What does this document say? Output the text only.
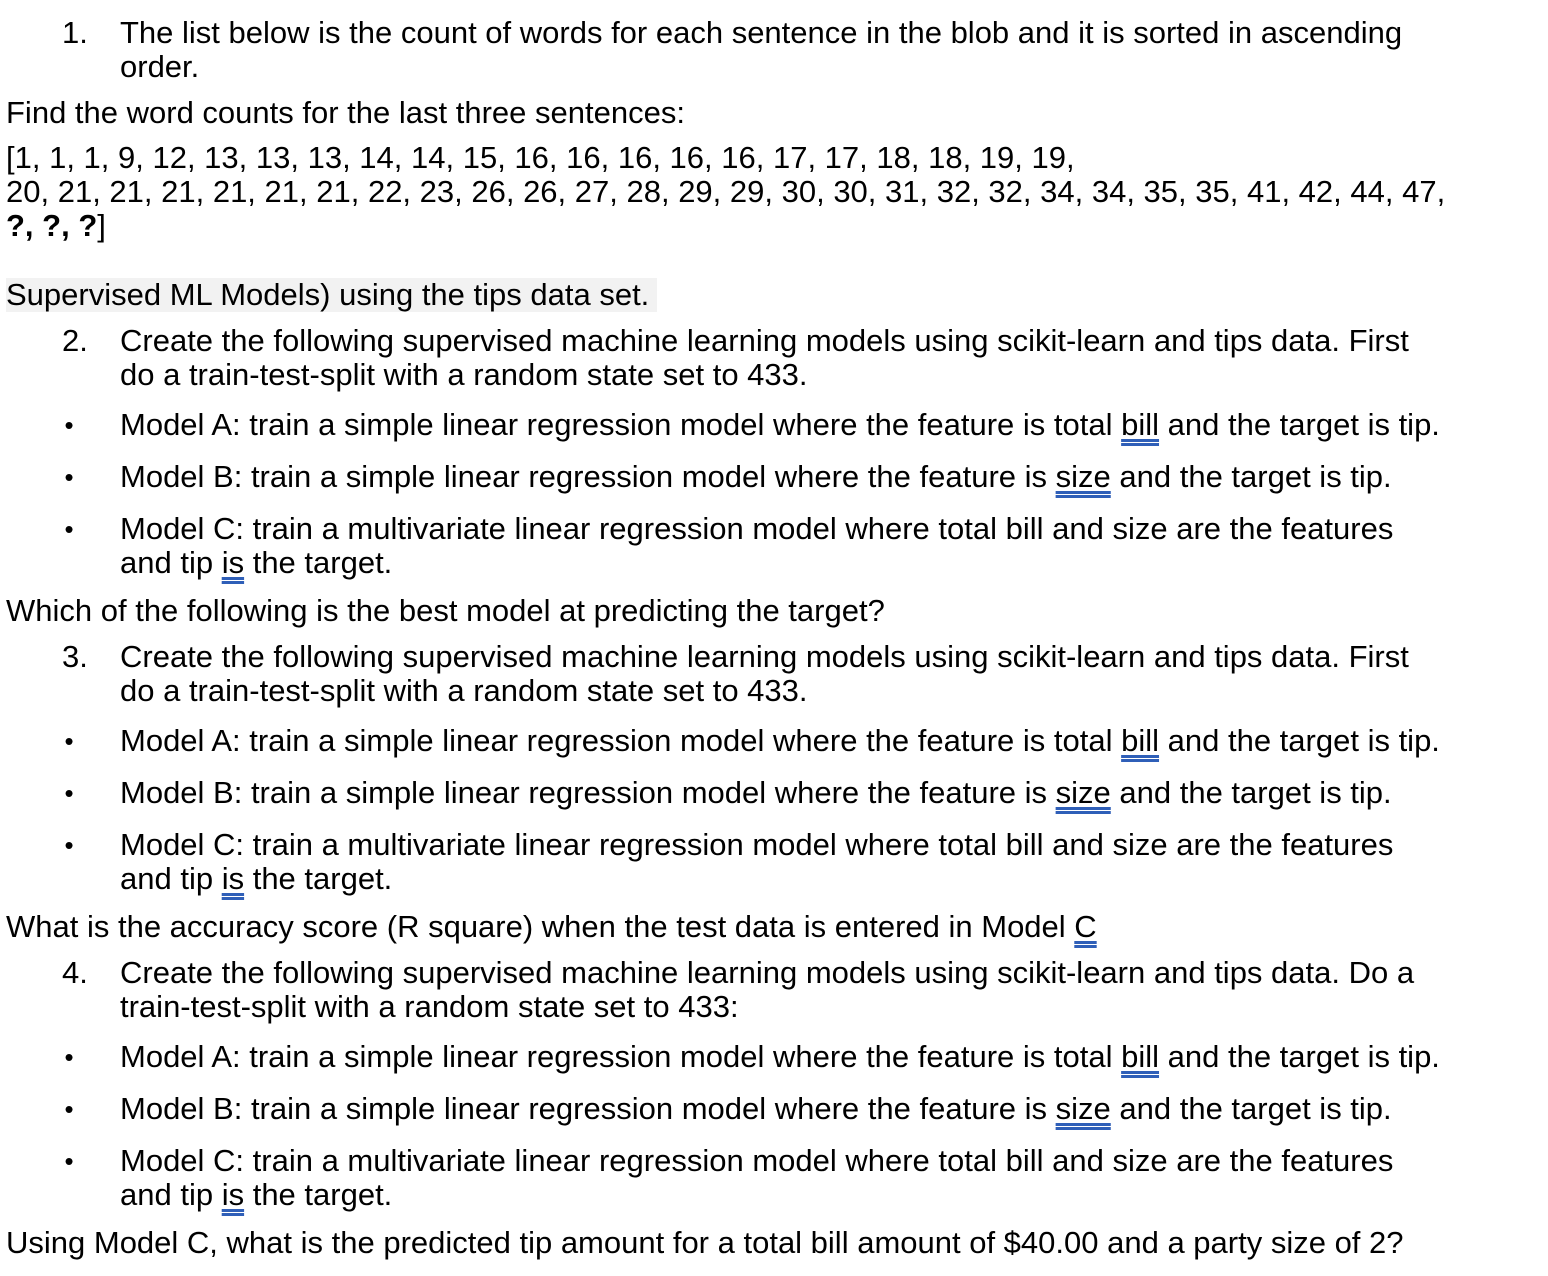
1.	The list below is the count of words for each sentence in the blob and it is sorted in ascending
order.
Find the word counts for the last three sentences:
[1, 1, 1, 9, 12, 13, 13, 13, 14, 14, 15, 16, 16, 16, 16, 16, 17, 17, 18, 18, 19, 19,
20, 21, 21, 21, 21, 21, 21, 22, 23, 26, 26, 27, 28, 29, 29, 30, 30, 31, 32, 32, 34, 34, 35, 35, 41, 42, 44, 47,
?, ?, ?]
Supervised ML Models) using the tips data set.
2.	Create the following supervised machine learning models using scikit-learn and tips data. First
do a train-test-split with a random state set to 433.
• Model A: train a simple linear regression model where the feature is total bill and the target is tip.
• Model B: train a simple linear regression model where the feature is size and the target is tip.
• Model C: train a multivariate linear regression model where total bill and size are the features
and tip is the target.
Which of the following is the best model at predicting the target?
3.	Create the following supervised machine learning models using scikit-learn and tips data. First
do a train-test-split with a random state set to 433.
• Model A: train a simple linear regression model where the feature is total bill and the target is tip.
• Model B: train a simple linear regression model where the feature is size and the target is tip.
• Model C: train a multivariate linear regression model where total bill and size are the features
and tip is the target.
What is the accuracy score (R square) when the test data is entered in Model C
4.	Create the following supervised machine learning models using scikit-learn and tips data. Do a
train-test-split with a random state set to 433:
• Model A: train a simple linear regression model where the feature is total bill and the target is tip.
• Model B: train a simple linear regression model where the feature is size and the target is tip.
• Model C: train a multivariate linear regression model where total bill and size are the features
and tip is the target.
Using Model C, what is the predicted tip amount for a total bill amount of $40.00 and a party size of 2?
